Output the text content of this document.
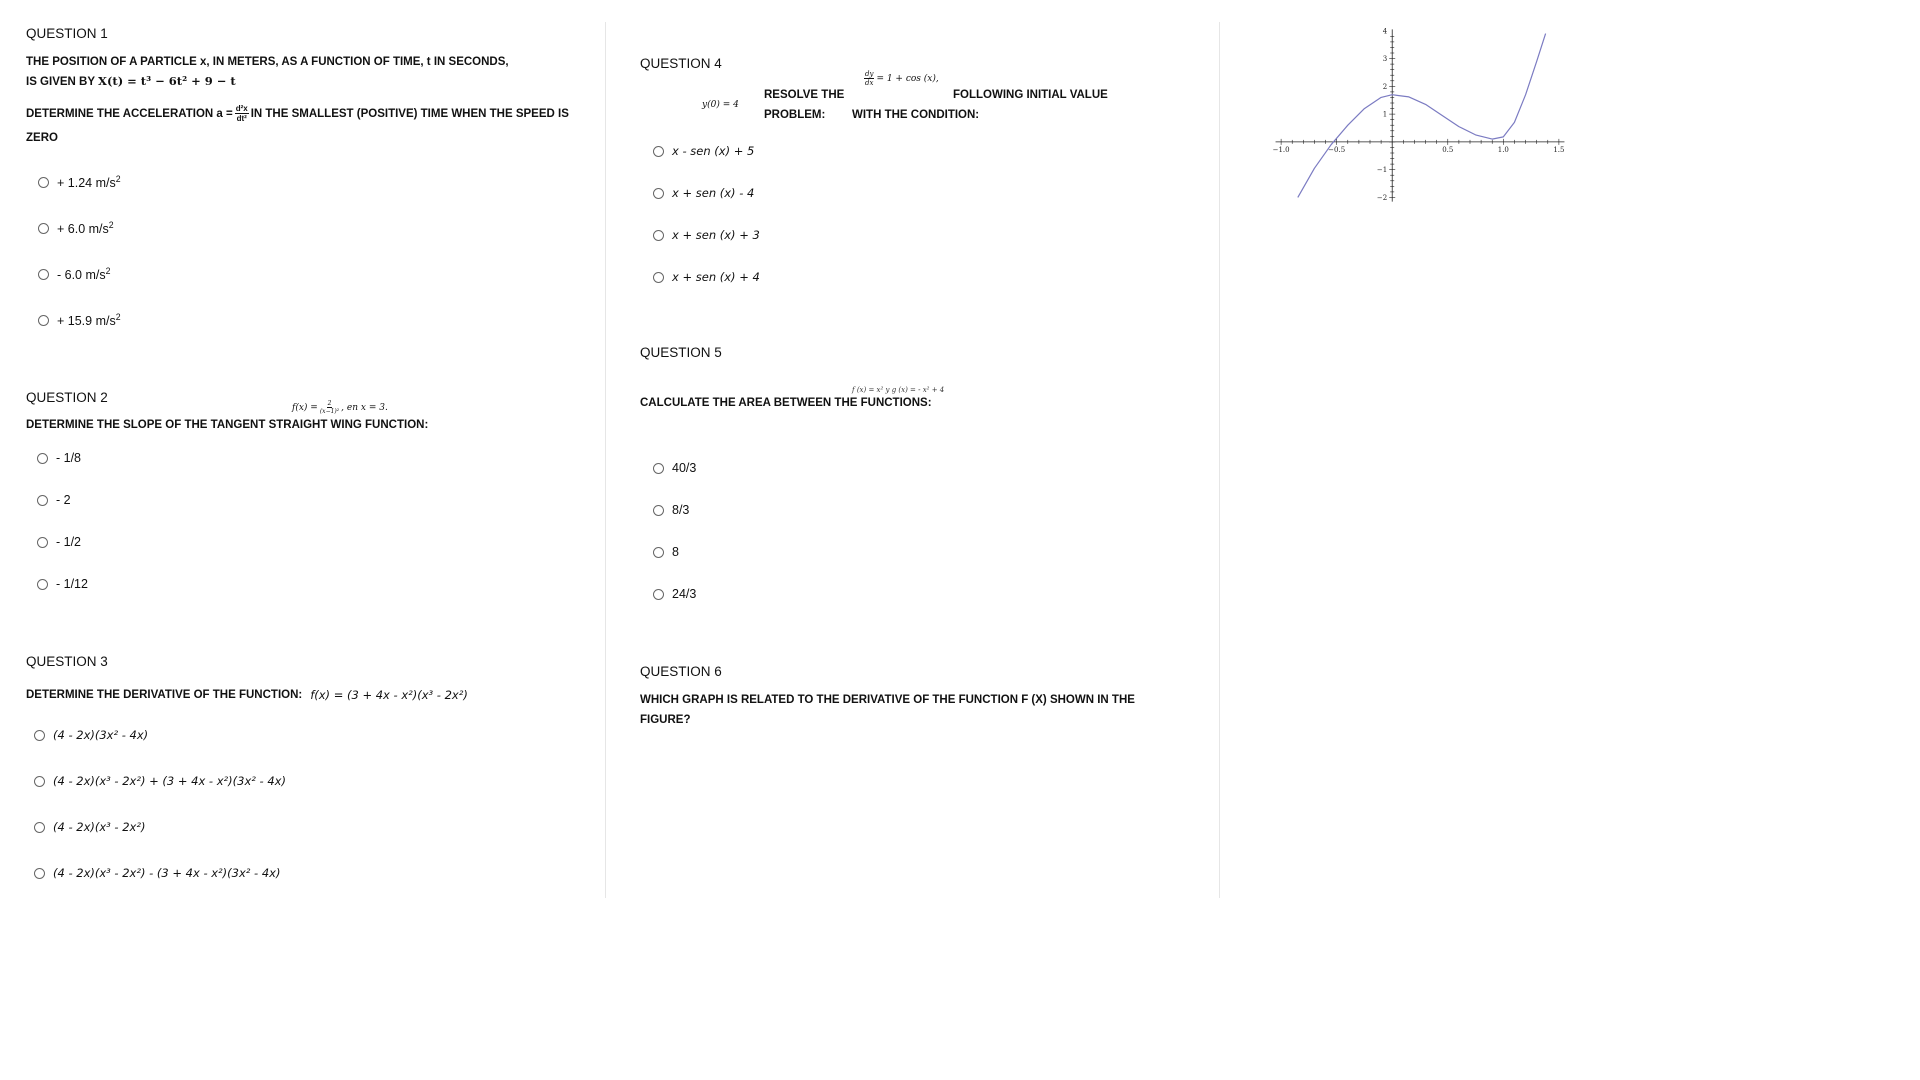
QUESTION 1
THE POSITION OF A PARTICLE x, IN METERS, AS A FUNCTION OF TIME, t IN SECONDS,
IS GIVEN BY X(t) = t³ − 6t² + 9 − t
DETERMINE THE ACCELERATION $a = \frac{\text{d²x}}{\text{dt²}}$ IN THE SMALLEST (POSITIVE) TIME WHEN THE SPEED IS
ZERO
+ 1.24 $m/s^2$
+ 6.0 $m/s^2$
- 6.0 $m/s^2$
+ 15.9 $m/s^2$
QUESTION 2
$f(x) = \frac{2}{\text{(x−1)²}}$ , en x = 3.
DETERMINE THE SLOPE OF THE TANGENT STRAIGHT WING FUNCTION:
- 1/8
- 2
- 1/2
- 1/12
QUESTION 3
DETERMINE THE DERIVATIVE OF THE FUNCTION: f(x) = (3 + 4x - x²)(x³ - 2x²)
(4 - 2x)(3x² - 4x)
(4 - 2x)(x³ - 2x²) + (3 + 4x - x²)(3x² - 4x)
(4 - 2x)(x³ - 2x²)
(4 - 2x)(x³ - 2x²) - (3 + 4x - x²)(3x² - 4x)
QUESTION 4
$\frac{dy}{dx} = 1 + \cos (x)$,
y(0) = 4
RESOLVE THE	FOLLOWING INITIAL VALUE
PROBLEM: WITH THE CONDITION:
x - sen (x) + 5
x + sen (x) - 4
x + sen (x) + 3
x + sen (x) + 4
QUESTION 5
f (x) = x² y g (x) = - x² + 4
CALCULATE THE AREA BETWEEN THE FUNCTIONS:
40/3
8/3
8
24/3
QUESTION 6
WHICH GRAPH IS RELATED TO THE DERIVATIVE OF THE FUNCTION F (X) SHOWN IN THE
FIGURE?
−1.0	−0.5	0.5	1.0	1.5
4
3
2
1
−1
−2
